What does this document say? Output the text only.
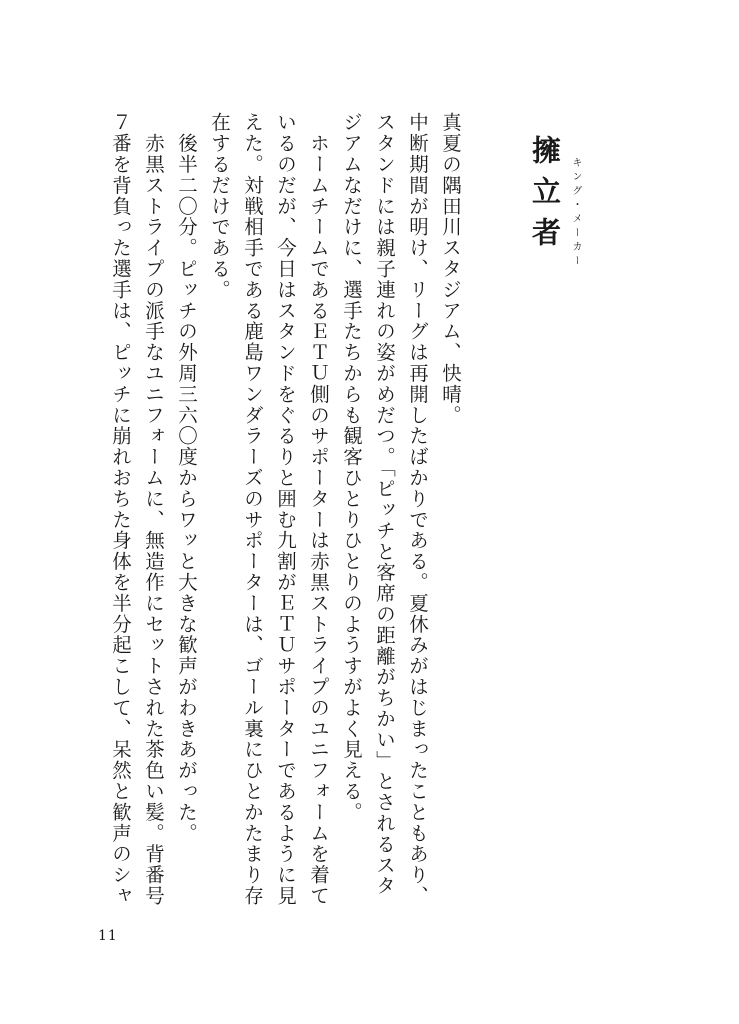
擁立者 キング・メーカー
真夏の隅田川スタジアム、快晴。
中断期間が明け、リーグは再開したばかりである。夏休みがはじまったこともあり、
スタンドには親子連れの姿がめだつ。「ピッチと客席の距離がちかい」とされるスタ
ジアムなだけに、選手たちからも観客ひとりひとりのようすがよく見える。
　ホームチームであるＥＴＵ側のサポーターは赤黒ストライプのユニフォームを着て
いるのだが、今日はスタンドをぐるりと囲む九割がＥＴＵサポーターであるように見
えた。対戦相手である鹿島ワンダラーズのサポーターは、ゴール裏にひとかたまり存
在するだけである。
　後半二〇分。ピッチの外周三六〇度からワッと大きな歓声がわきあがった。
　赤黒ストライプの派手なユニフォームに、無造作にセットされた茶色い髪。背番号
７番を背負った選手は、ピッチに崩れおちた身体を半分起こして、呆然と歓声のシャ
11
